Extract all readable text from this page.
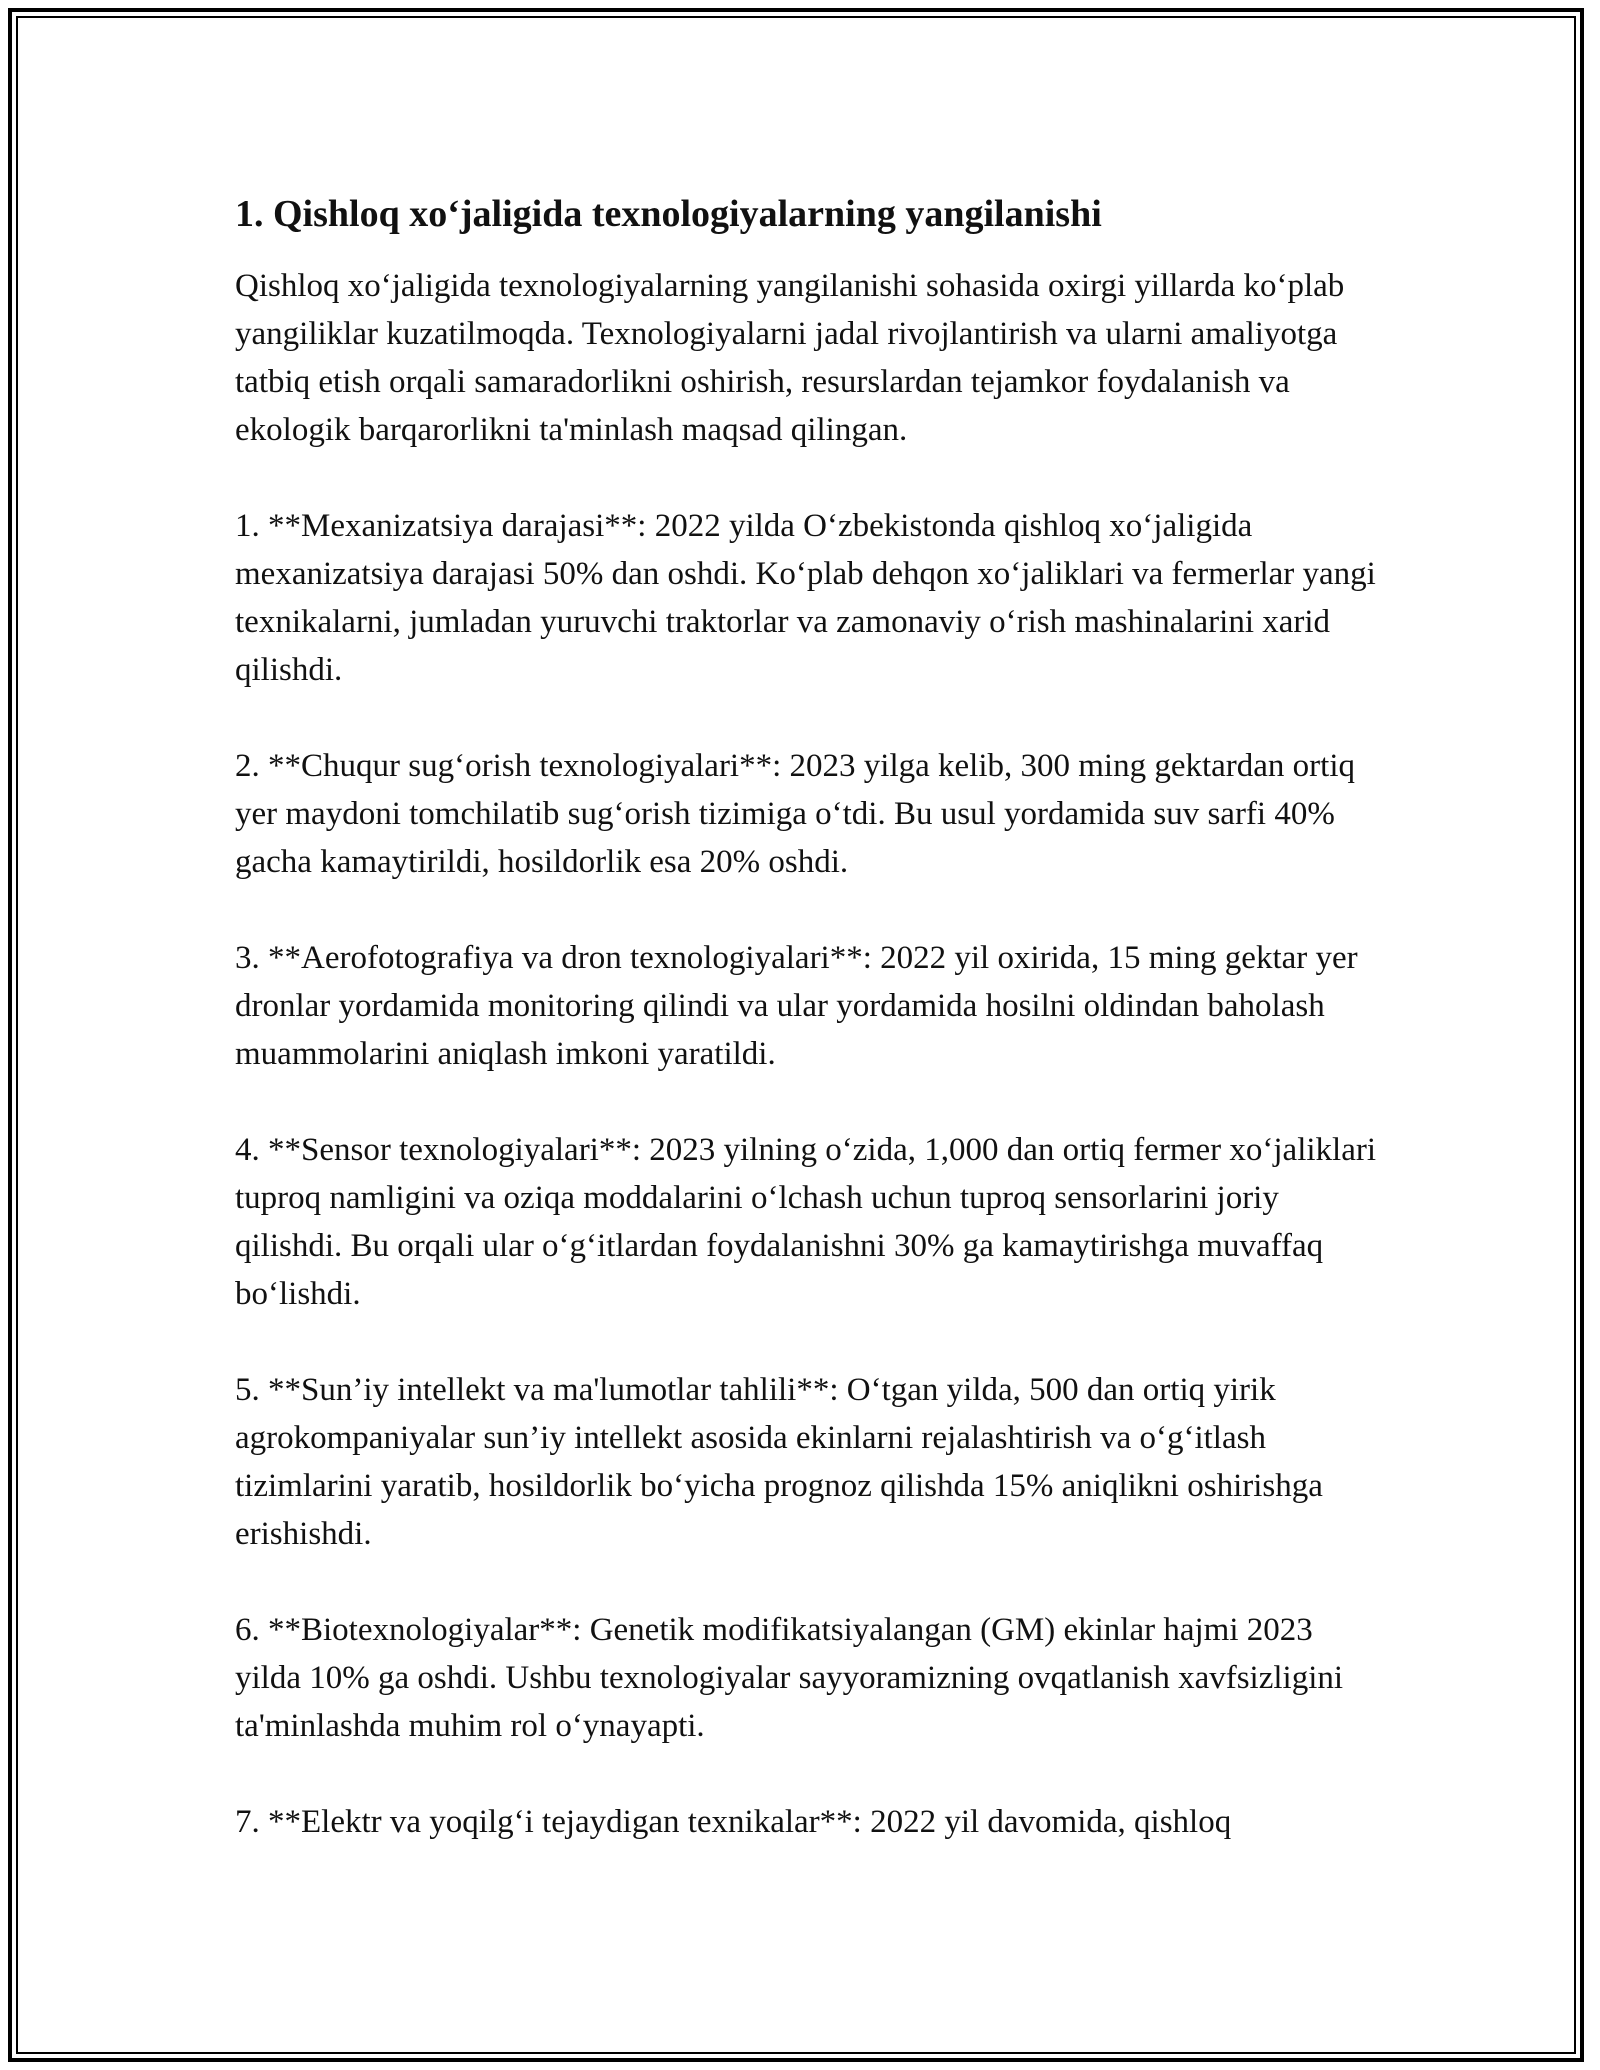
1. Qishloq xo‘jaligida texnologiyalarning yangilanishi

Qishloq xo‘jaligida texnologiyalarning yangilanishi sohasida oxirgi yillarda ko‘plab yangiliklar kuzatilmoqda. Texnologiyalarni jadal rivojlantirish va ularni amaliyotga tatbiq etish orqali samaradorlikni oshirish, resurslardan tejamkor foydalanish va ekologik barqarorlikni ta'minlash maqsad qilingan.

1. **Mexanizatsiya darajasi**: 2022 yilda O‘zbekistonda qishloq xo‘jaligida mexanizatsiya darajasi 50% dan oshdi. Ko‘plab dehqon xo‘jaliklari va fermerlar yangi texnikalarni, jumladan yuruvchi traktorlar va zamonaviy o‘rish mashinalarini xarid qilishdi.

2. **Chuqur sug‘orish texnologiyalari**: 2023 yilga kelib, 300 ming gektardan ortiq yer maydoni tomchilatib sug‘orish tizimiga o‘tdi. Bu usul yordamida suv sarfi 40% gacha kamaytirildi, hosildorlik esa 20% oshdi.

3. **Aerofotografiya va dron texnologiyalari**: 2022 yil oxirida, 15 ming gektar yer dronlar yordamida monitoring qilindi va ular yordamida hosilni oldindan baholash muammolarini aniqlash imkoni yaratildi.

4. **Sensor texnologiyalari**: 2023 yilning o‘zida, 1,000 dan ortiq fermer xo‘jaliklari tuproq namligini va oziqa moddalarini o‘lchash uchun tuproq sensorlarini joriy qilishdi. Bu orqali ular o‘g‘itlardan foydalanishni 30% ga kamaytirishga muvaffaq bo‘lishdi.

5. **Sun’iy intellekt va ma'lumotlar tahlili**: O‘tgan yilda, 500 dan ortiq yirik agrokompaniyalar sun’iy intellekt asosida ekinlarni rejalashtirish va o‘g‘itlash tizimlarini yaratib, hosildorlik bo‘yicha prognoz qilishda 15% aniqlikni oshirishga erishishdi.

6. **Biotexnologiyalar**: Genetik modifikatsiyalangan (GM) ekinlar hajmi 2023 yilda 10% ga oshdi. Ushbu texnologiyalar sayyoramizning ovqatlanish xavfsizligini ta'minlashda muhim rol o‘ynayapti.

7. **Elektr va yoqilg‘i tejaydigan texnikalar**: 2022 yil davomida, qishloq
